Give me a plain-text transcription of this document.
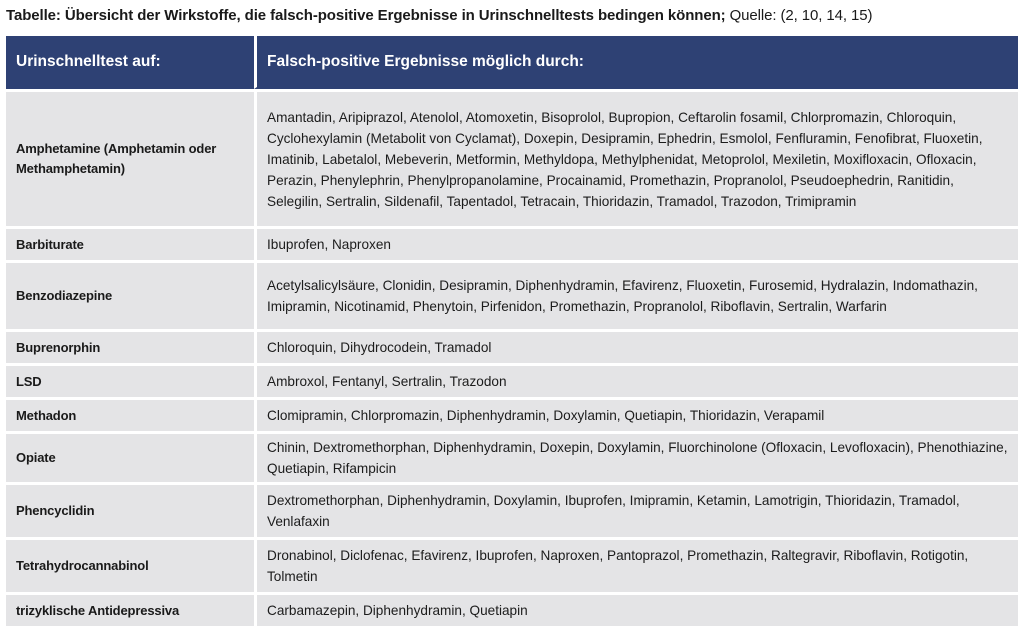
Tabelle: Übersicht der Wirkstoffe, die falsch-positive Ergebnisse in Urinschnelltests bedingen können; Quelle: (2, 10, 14, 15)
Urinschnelltest auf:	Falsch-positive Ergebnisse möglich durch:
Amphetamine (Amphetamin oder Methamphetamin)	Amantadin, Aripiprazol, Atenolol, Atomoxetin, Bisoprolol, Bupropion, Ceftarolin fosamil, Chlorpromazin, Chloroquin, Cyclohexylamin (Metabolit von Cyclamat), Doxepin, Desipramin, Ephedrin, Esmolol, Fenfluramin, Fenofibrat, Fluoxetin, Imatinib, Labetalol, Mebeverin, Metformin, Methyldopa, Methylphenidat, Metoprolol, Mexiletin, Moxifloxacin, Ofloxacin, Perazin, Phenylephrin, Phenylpropanolamine, Procainamid, Promethazin, Propranolol, Pseudoephedrin, Ranitidin, Selegilin, Sertralin, Sildenafil, Tapentadol, Tetracain, Thioridazin, Tramadol, Trazodon, Trimipramin
Barbiturate	Ibuprofen, Naproxen
Benzodiazepine	Acetylsalicylsäure, Clonidin, Desipramin, Diphenhydramin, Efavirenz, Fluoxetin, Furosemid, Hydralazin, Indomathazin, Imipramin, Nicotinamid, Phenytoin, Pirfenidon, Promethazin, Propranolol, Riboflavin, Sertralin, Warfarin
Buprenorphin	Chloroquin, Dihydrocodein, Tramadol
LSD	Ambroxol, Fentanyl, Sertralin, Trazodon
Methadon	Clomipramin, Chlorpromazin, Diphenhydramin, Doxylamin, Quetiapin, Thioridazin, Verapamil
Opiate	Chinin, Dextromethorphan, Diphenhydramin, Doxepin, Doxylamin, Fluorchinolone (Ofloxacin, Levofloxacin), Phenothiazine, Quetiapin, Rifampicin
Phencyclidin	Dextromethorphan, Diphenhydramin, Doxylamin, Ibuprofen, Imipramin, Ketamin, Lamotrigin, Thioridazin, Tramadol, Venlafaxin
Tetrahydrocannabinol	Dronabinol, Diclofenac, Efavirenz, Ibuprofen, Naproxen, Pantoprazol, Promethazin, Raltegravir, Riboflavin, Rotigotin, Tolmetin
trizyklische Antidepressiva	Carbamazepin, Diphenhydramin, Quetiapin
